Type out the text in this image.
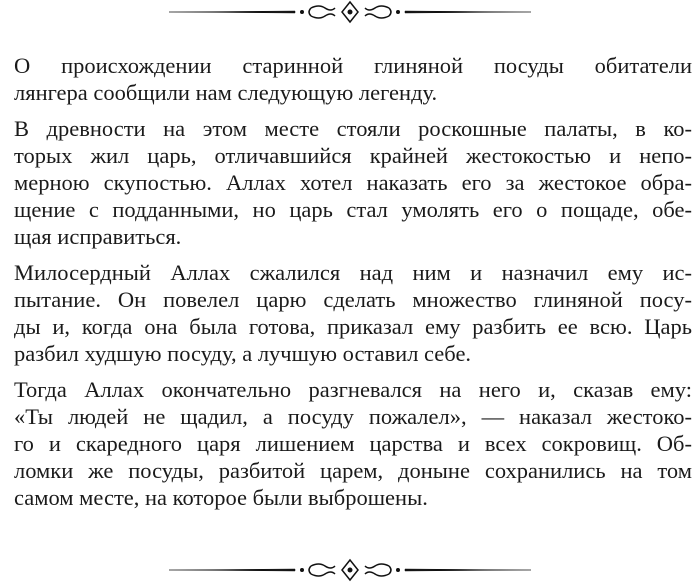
О происхождении старинной глиняной посуды обитатели
лянгера сообщили нам следующую легенду.
В древности на этом месте стояли роскошные палаты, в ко-
торых жил царь, отличавшийся крайней жестокостью и непо-
мерною скупостью. Аллах хотел наказать его за жестокое обра-
щение с подданными, но царь стал умолять его о пощаде, обе-
щая исправиться.
Милосердный Аллах сжалился над ним и назначил ему ис-
пытание. Он повелел царю сделать множество глиняной посу-
ды и, когда она была готова, приказал ему разбить ее всю. Царь
разбил худшую посуду, а лучшую оставил себе.
Тогда Аллах окончательно разгневался на него и, сказав ему:
«Ты людей не щадил, а посуду пожалел», — наказал жестоко-
го и скаредного царя лишением царства и всех сокровищ. Об-
ломки же посуды, разбитой царем, доныне сохранились на том
самом месте, на которое были выброшены.
